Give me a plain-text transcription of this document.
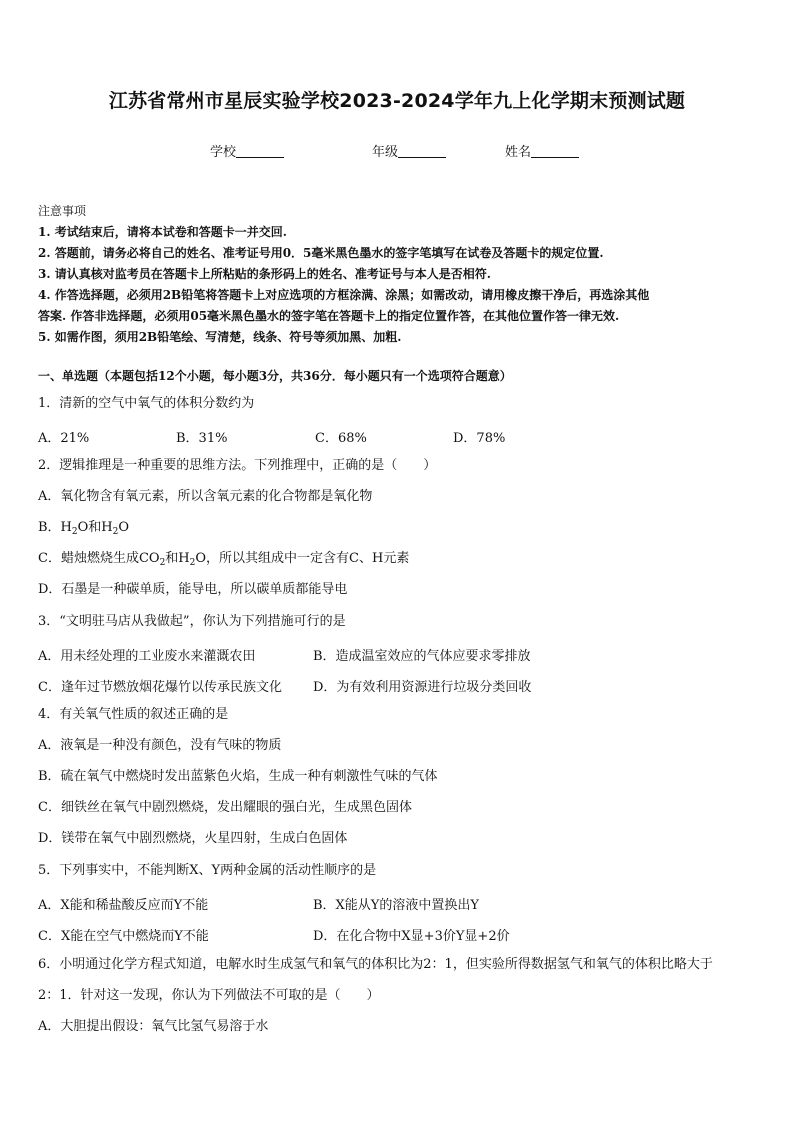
江苏省常州市星辰实验学校2023-2024学年九上化学期末预测试题
学校	年级	姓名
注意事项
1. 考试结束后，请将本试卷和答题卡一并交回.
2. 答题前，请务必将自己的姓名、准考证号用0．5毫米黑色墨水的签字笔填写在试卷及答题卡的规定位置.
3. 请认真核对监考员在答题卡上所粘贴的条形码上的姓名、准考证号与本人是否相符.
4. 作答选择题，必须用2B铅笔将答题卡上对应选项的方框涂满、涂黑；如需改动，请用橡皮擦干净后，再选涂其他
答案. 作答非选择题，必须用05毫米黑色墨水的签字笔在答题卡上的指定位置作答，在其他位置作答一律无效.
5. 如需作图，须用2B铅笔绘、写清楚，线条、符号等须加黑、加粗.
一、单选题（本题包括12个小题，每小题3分，共36分．每小题只有一个选项符合题意）
1．清新的空气中氧气的体积分数约为
A．21%	B．31%	C．68%	D．78%
2．逻辑推理是一种重要的思维方法。下列推理中，正确的是（　　）
A．氧化物含有氧元素，所以含氧元素的化合物都是氧化物
B．$H_2O$和$H_2O$
C．蜡烛燃烧生成$CO_2$和$H_2O$，所以其组成中一定含有C、H元素
D．石墨是一种碳单质，能导电，所以碳单质都能导电
3．“文明驻马店从我做起”，你认为下列措施可行的是
A．用未经处理的工业废水来灌溉农田	B．造成温室效应的气体应要求零排放
C．逢年过节燃放烟花爆竹以传承民族文化 D．为有效利用资源进行垃圾分类回收
4．有关氧气性质的叙述正确的是
A．液氧是一种没有颜色，没有气味的物质
B．硫在氧气中燃烧时发出蓝紫色火焰，生成一种有刺激性气味的气体
C．细铁丝在氧气中剧烈燃烧，发出耀眼的强白光，生成黑色固体
D．镁带在氧气中剧烈燃烧，火星四射，生成白色固体
5．下列事实中，不能判断X、Y两种金属的活动性顺序的是
A．X能和稀盐酸反应而Y不能	B．X能从Y的溶液中置换出Y
C．X能在空气中燃烧而Y不能	D．在化合物中X显+3价Y显+2价
6．小明通过化学方程式知道，电解水时生成氢气和氧气的体积比为2：1，但实验所得数据氢气和氧气的体积比略大于
2：1．针对这一发现，你认为下列做法不可取的是（　　）
A．大胆提出假设：氧气比氢气易溶于水
